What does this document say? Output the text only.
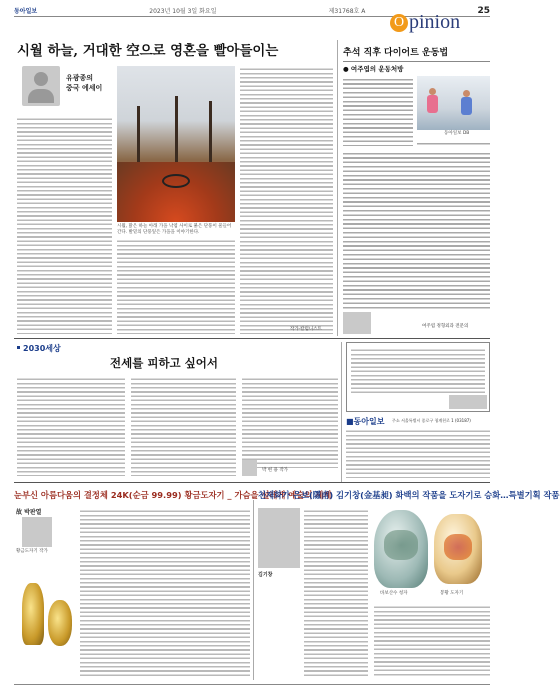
동아일보	2023년 10월 3일 화요일	제31768호 A	25
O pinion
시월 하늘, 거대한 空으로 영혼을 빨아들이는
유광종의
중국 에세이
시월, 맑은 하늘 아래 가을 낙엽 사이로 붉은 단풍이 물들어 간다. 발밑의 단풍잎은 가을을 이야기한다.
작가·칼럼니스트
추석 직후 다이어트 운동법
● 여주엽의 운동처방
동아일보 DB
여주엽 정형외과 전문의
2030세상
전세를 피하고 싶어서
박 현 용 작가
■동아일보 주소 서울특별시 종로구 청계천로 1 (03187)
눈부신 아름다움의 결정체 24K(순금 99.99) 황금도자기 _ 가슴을 설레게 예술의 세계
천재화가 은보(隱甫) 김기창(金基昶) 화백의 작품을 도자기로 승화…특별기획 작품
故 박판열
황금도자기 작가
김기창
바보산수 청자	봉황 도자기
